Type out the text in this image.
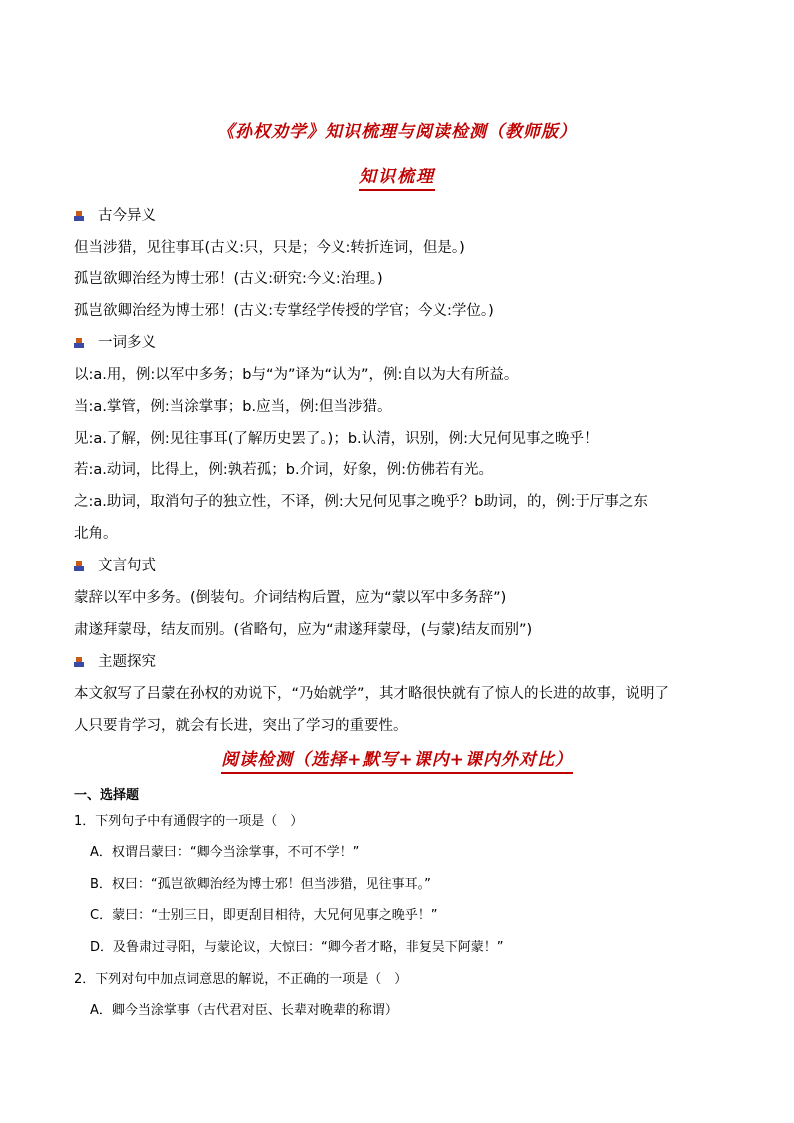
《孙权劝学》知识梳理与阅读检测（教师版）
知识梳理
古今异义
但当涉猎，见往事耳(古义:只，只是；今义:转折连词，但是。)
孤岂欲卿治经为博士邪！(古义:研究:今义:治理。)
孤岂欲卿治经为博士邪！(古义:专掌经学传授的学官；今义:学位。)
一词多义
以:a.用，例:以军中多务；b与“为”译为“认为”，例:自以为大有所益。
当:a.掌管，例:当涂掌事；b.应当，例:但当涉猎。
见:a.了解，例:见往事耳(了解历史罢了。)；b.认清，识别，例:大兄何见事之晚乎！
若:a.动词，比得上，例:孰若孤；b.介词，好象，例:仿佛若有光。
之:a.助词，取消句子的独立性，不译，例:大兄何见事之晚乎？b助词，的，例:于厅事之东
北角。
文言句式
蒙辞以军中多务。(倒装句。介词结构后置，应为“蒙以军中多务辞”)
肃遂拜蒙母，结友而别。(省略句，应为“肃遂拜蒙母，(与蒙)结友而别”)
主题探究
本文叙写了吕蒙在孙权的劝说下，“乃始就学”，其才略很快就有了惊人的长进的故事，说明了
人只要肯学习，就会有长进，突出了学习的重要性。
阅读检测（选择+默写+课内+课内外对比）
一、选择题
1．下列句子中有通假字的一项是（　）
A．权谓吕蒙曰：“卿今当涂掌事，不可不学！”
B．权曰：“孤岂欲卿治经为博士邪！但当涉猎，见往事耳。”
C．蒙曰：“士别三日，即更刮目相待，大兄何见事之晚乎！”
D．及鲁肃过寻阳，与蒙论议，大惊曰：“卿今者才略，非复吴下阿蒙！”
2．下列对句中加点词意思的解说，不正确的一项是（　）
A．卿今当涂掌事（古代君对臣、长辈对晚辈的称谓）
